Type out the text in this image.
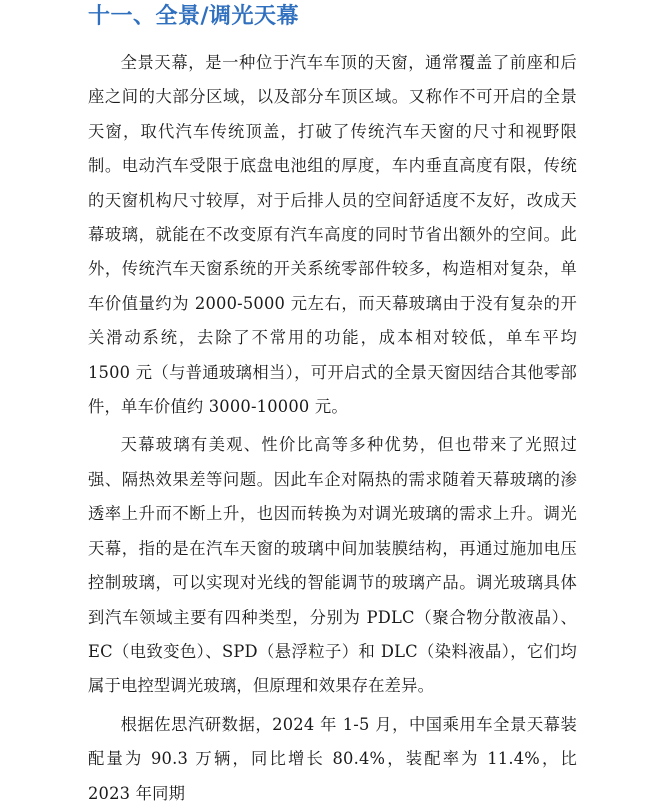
十一、全景/调光天幕

全景天幕，是一种位于汽车车顶的天窗，通常覆盖了前座和后座之间的大部分区域，以及部分车顶区域。又称作不可开启的全景天窗，取代汽车传统顶盖，打破了传统汽车天窗的尺寸和视野限制。电动汽车受限于底盘电池组的厚度，车内垂直高度有限，传统的天窗机构尺寸较厚，对于后排人员的空间舒适度不友好，改成天幕玻璃，就能在不改变原有汽车高度的同时节省出额外的空间。此外，传统汽车天窗系统的开关系统零部件较多，构造相对复杂，单车价值量约为 2000-5000 元左右，而天幕玻璃由于没有复杂的开关滑动系统，去除了不常用的功能，成本相对较低，单车平均 1500 元（与普通玻璃相当），可开启式的全景天窗因结合其他零部件，单车价值约 3000-10000 元。

天幕玻璃有美观、性价比高等多种优势，但也带来了光照过强、隔热效果差等问题。因此车企对隔热的需求随着天幕玻璃的渗透率上升而不断上升，也因而转换为对调光玻璃的需求上升。调光天幕，指的是在汽车天窗的玻璃中间加装膜结构，再通过施加电压控制玻璃，可以实现对光线的智能调节的玻璃产品。调光玻璃具体到汽车领域主要有四种类型，分别为 PDLC（聚合物分散液晶）、 EC（电致变色）、SPD（悬浮粒子）和 DLC（染料液晶），它们均属于电控型调光玻璃，但原理和效果存在差异。

根据佐思汽研数据，2024 年 1-5 月，中国乘用车全景天幕装配量为 90.3 万辆，同比增长 80.4%，装配率为 11.4%，比 2023 年同期
